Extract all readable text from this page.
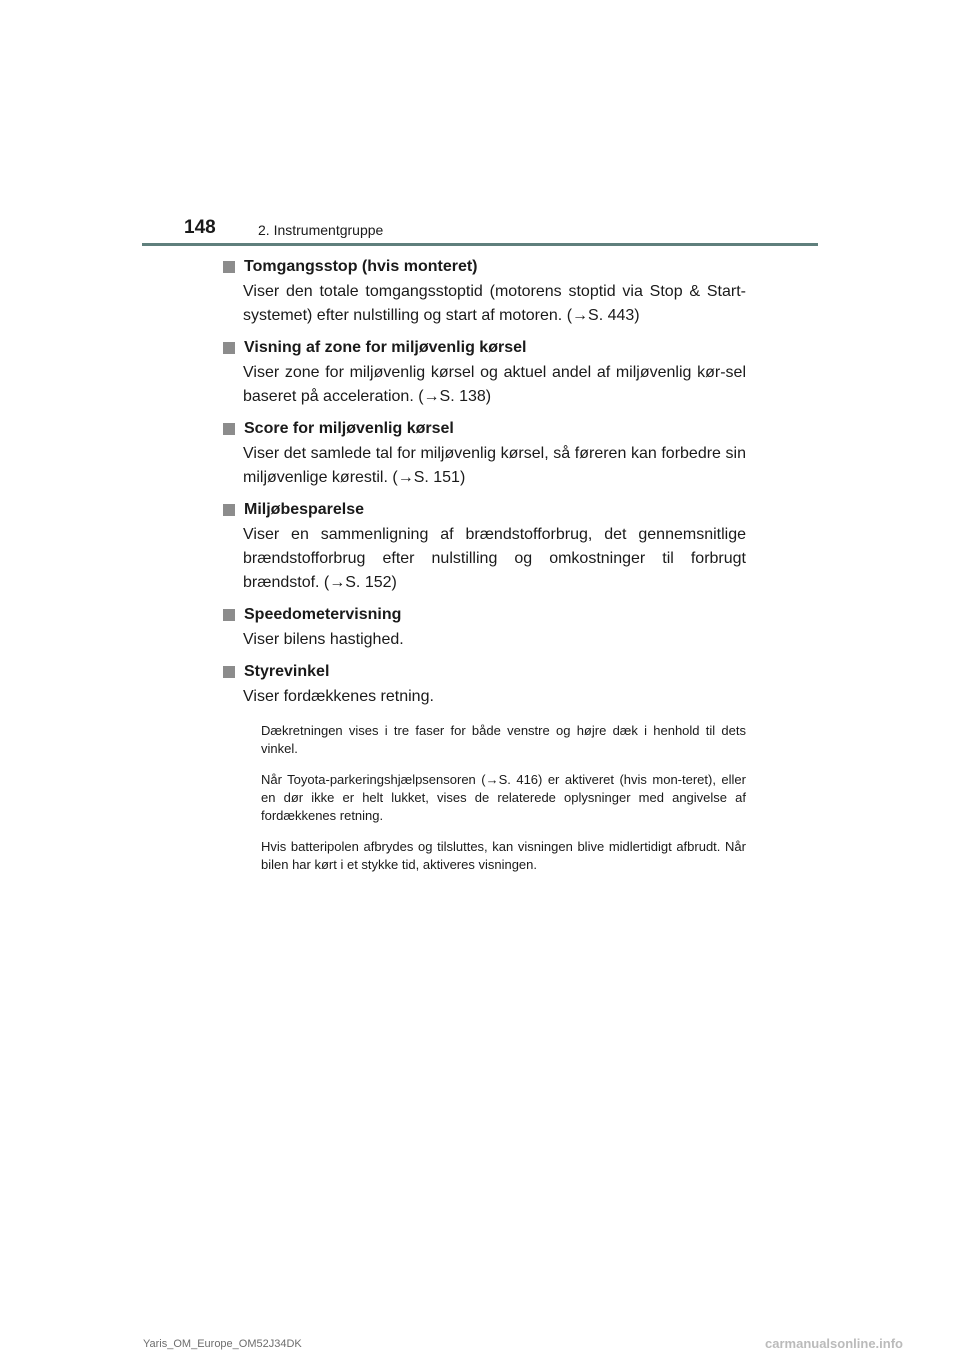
148	2. Instrumentgruppe
Tomgangsstop (hvis monteret)

Viser den totale tomgangsstoptid (motorens stoptid via Stop & Start-systemet) efter nulstilling og start af motoren. (→S. 443)

Visning af zone for miljøvenlig kørsel

Viser zone for miljøvenlig kørsel og aktuel andel af miljøvenlig kør-sel baseret på acceleration. (→S. 138)

Score for miljøvenlig kørsel

Viser det samlede tal for miljøvenlig kørsel, så føreren kan forbedre sin miljøvenlige kørestil. (→S. 151)

Miljøbesparelse

Viser en sammenligning af brændstofforbrug, det gennemsnitlige brændstofforbrug efter nulstilling og omkostninger til forbrugt brændstof. (→S. 152)

Speedometervisning

Viser bilens hastighed.

Styrevinkel

Viser fordækkenes retning.

Dækretningen vises i tre faser for både venstre og højre dæk i henhold til dets vinkel.

Når Toyota-parkeringshjælpsensoren (→S. 416) er aktiveret (hvis mon-teret), eller en dør ikke er helt lukket, vises de relaterede oplysninger med angivelse af fordækkenes retning.

Hvis batteripolen afbrydes og tilsluttes, kan visningen blive midlertidigt afbrudt. Når bilen har kørt i et stykke tid, aktiveres visningen.

Yaris_OM_Europe_OM52J34DK	carmanualsonline.info
